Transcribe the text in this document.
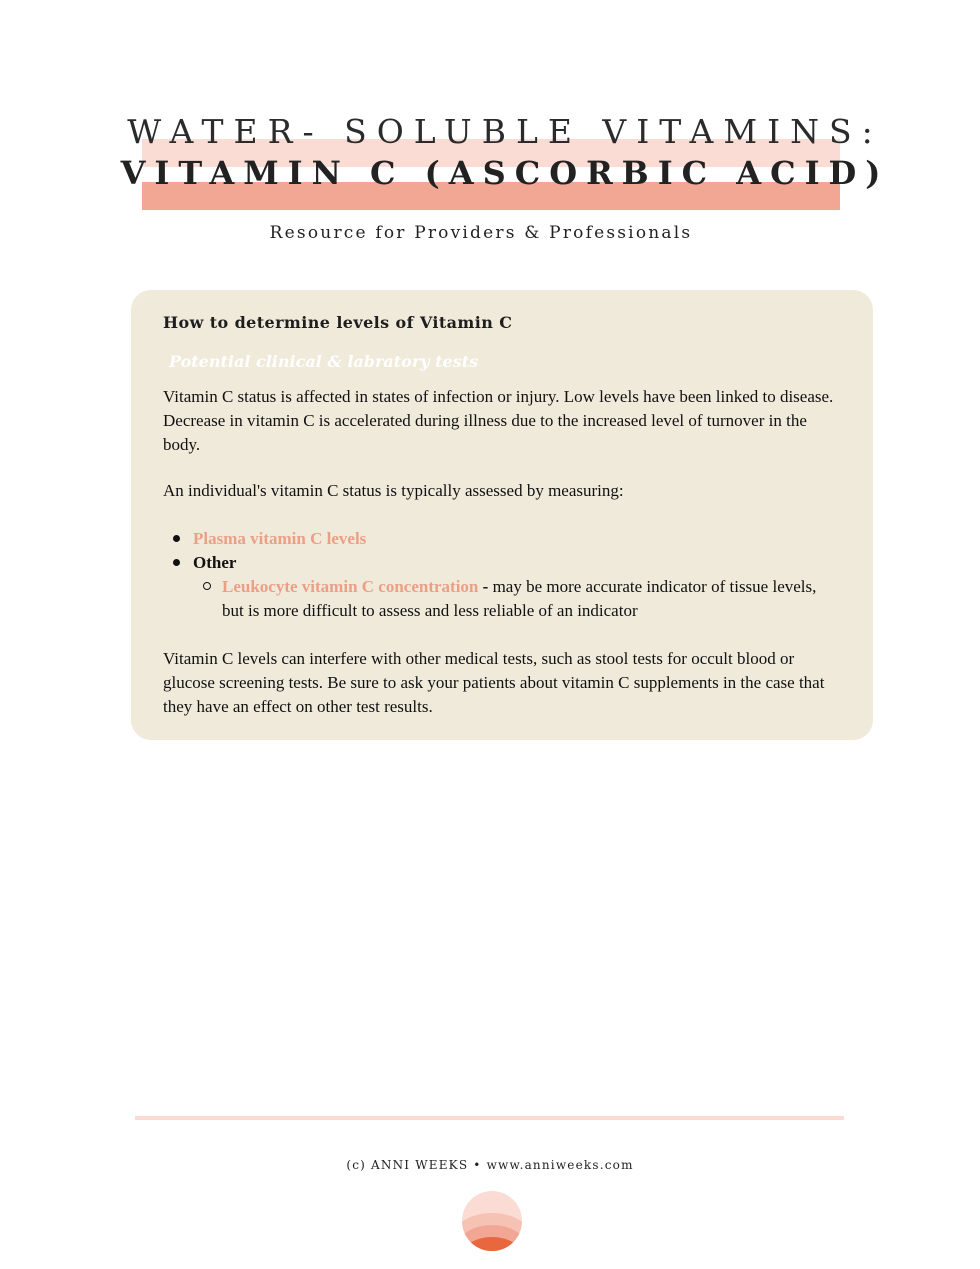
WATER- SOLUBLE VITAMINS:
VITAMIN C (ASCORBIC ACID)
Resource for Providers & Professionals
How to determine levels of Vitamin C
Potential clinical & labratory tests

Vitamin C status is affected in states of infection or injury. Low levels have been linked to disease. Decrease in vitamin C is accelerated during illness due to the increased level of turnover in the body.

An individual's vitamin C status is typically assessed by measuring:

Plasma vitamin C levels
Other
Leukocyte vitamin C concentration - may be more accurate indicator of tissue levels, but is more difficult to assess and less reliable of an indicator

Vitamin C levels can interfere with other medical tests, such as stool tests for occult blood or glucose screening tests. Be sure to ask your patients about vitamin C supplements in the case that they have an effect on other test results.

(c) ANNI WEEKS • www.anniweeks.com
